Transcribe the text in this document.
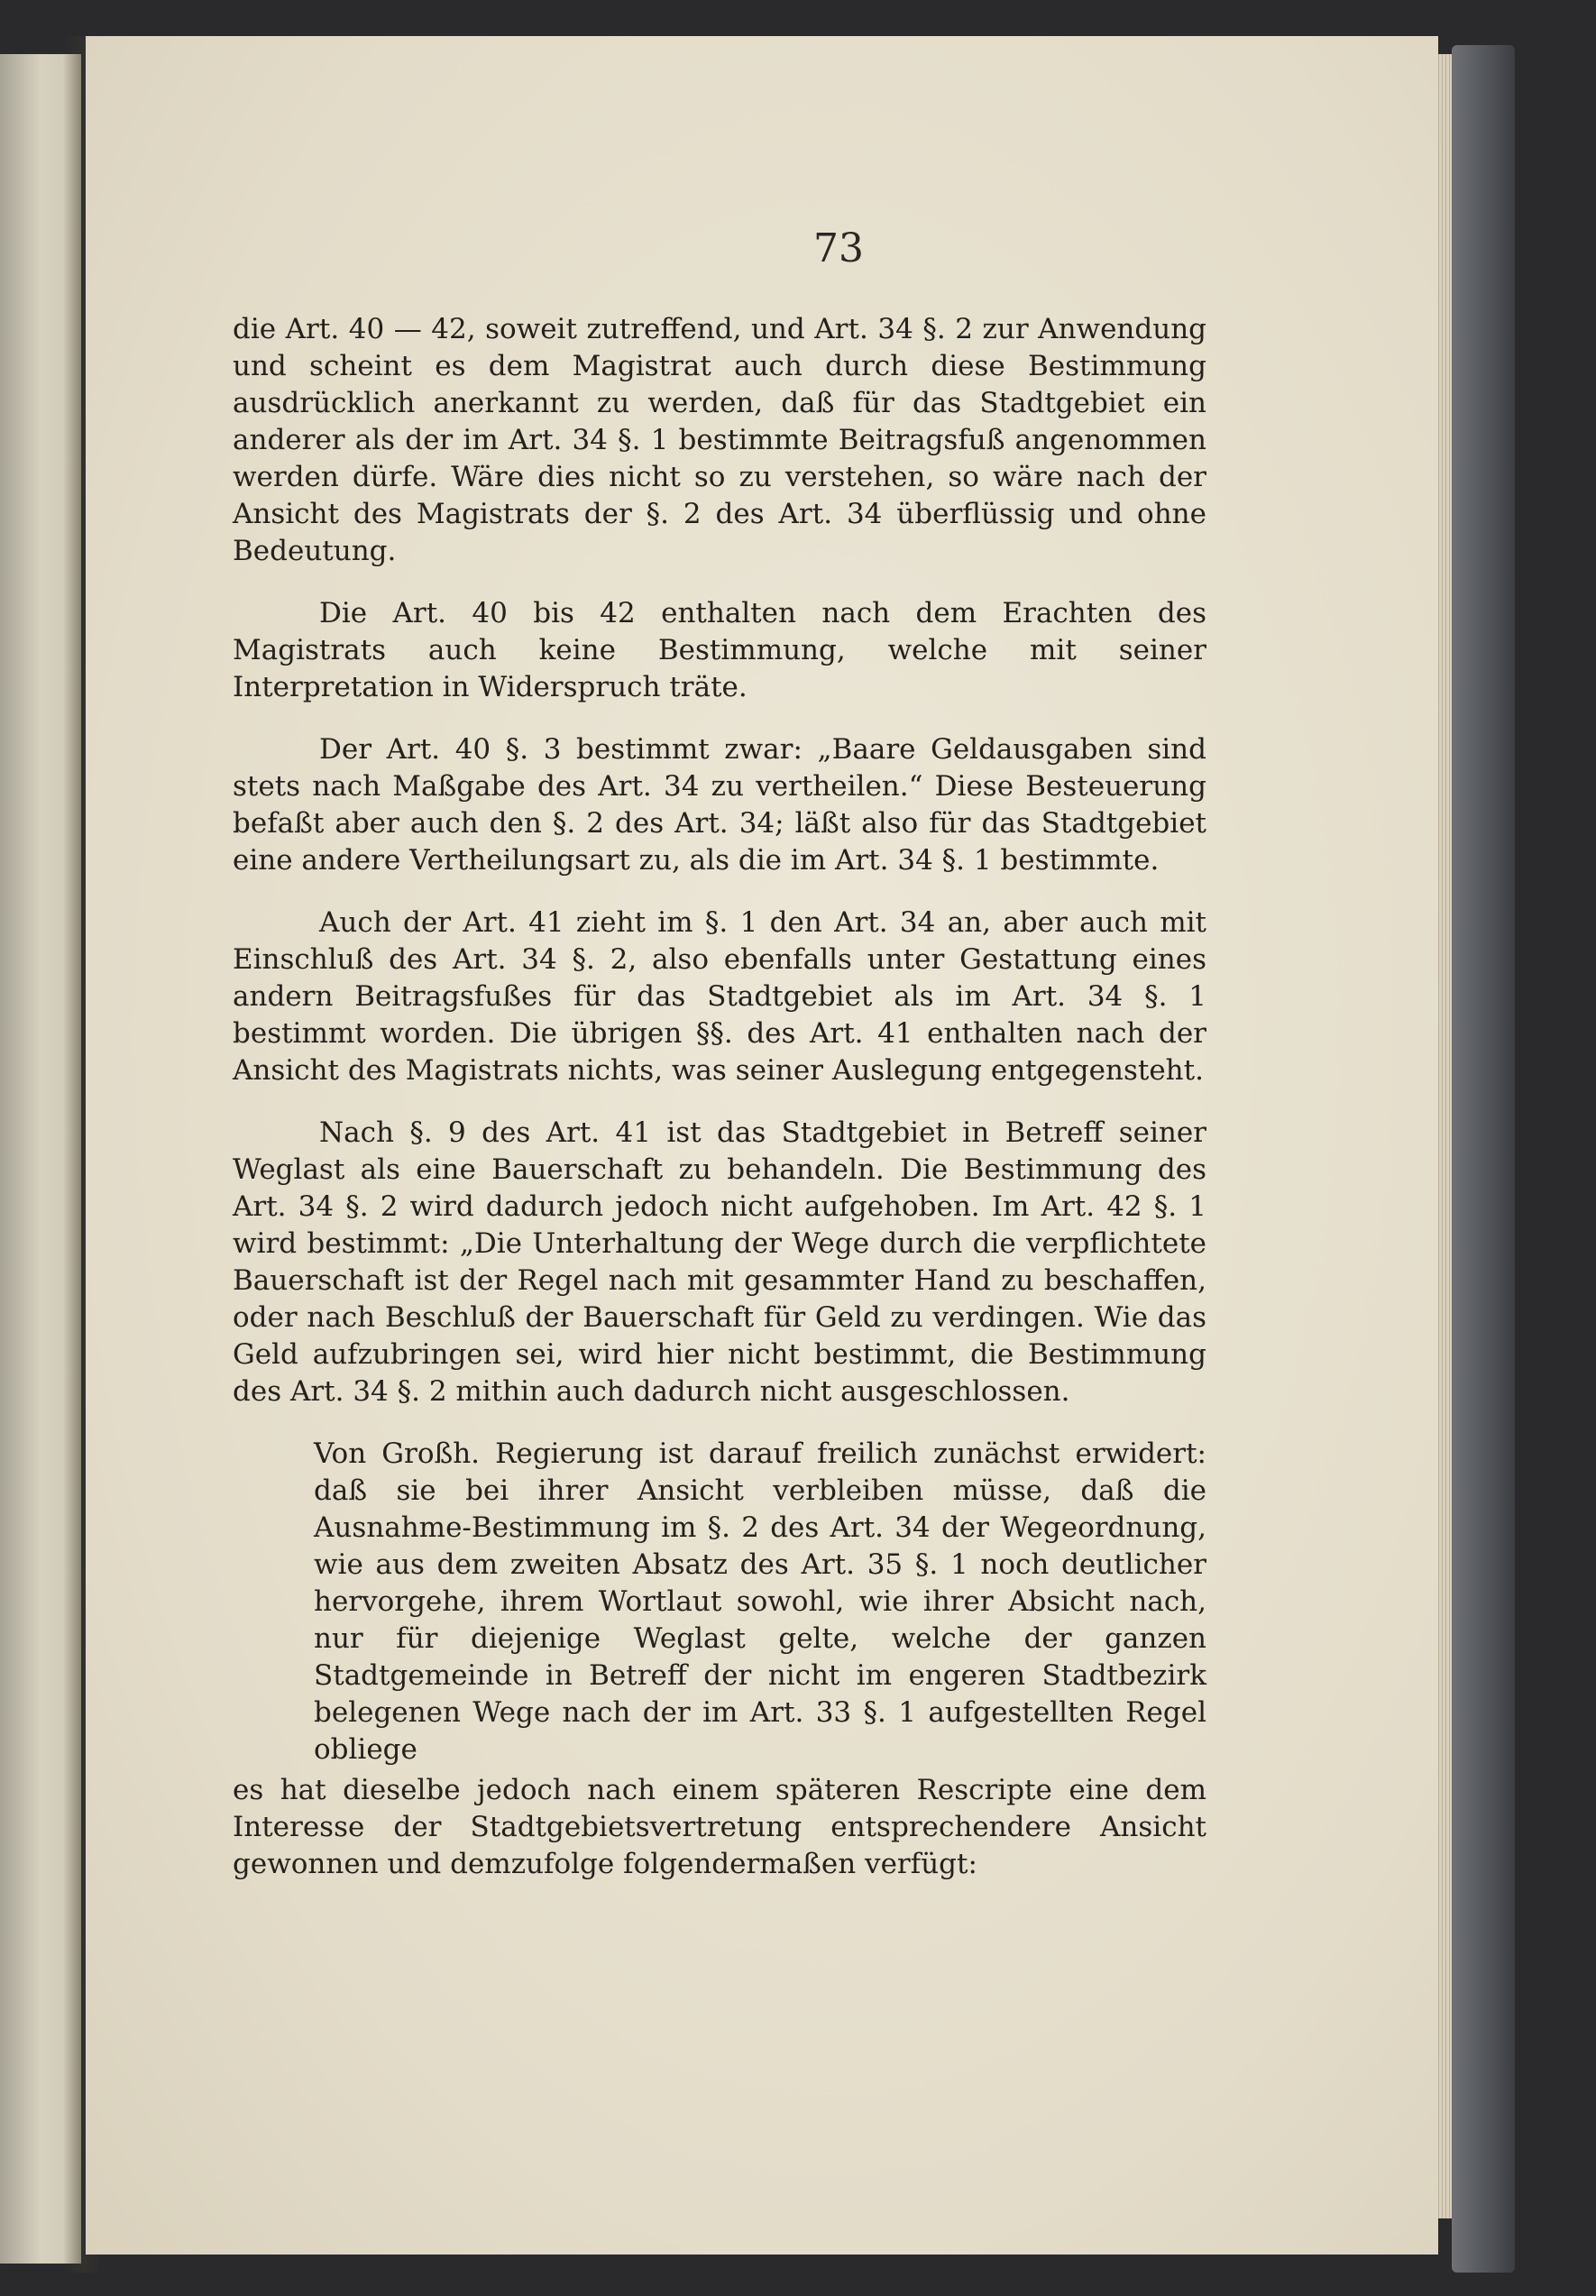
73

die Art. 40 — 42, soweit zutreffend, und Art. 34 §. 2 zur Anwendung und scheint es dem Magistrat auch durch diese Bestimmung ausdrücklich anerkannt zu werden, daß für das Stadtgebiet ein anderer als der im Art. 34 §. 1 bestimmte Beitragsfuß angenommen werden dürfe. Wäre dies nicht so zu verstehen, so wäre nach der Ansicht des Magistrats der §. 2 des Art. 34 überflüssig und ohne Bedeutung.

Die Art. 40 bis 42 enthalten nach dem Erachten des Magistrats auch keine Bestimmung, welche mit seiner Interpretation in Widerspruch träte.

Der Art. 40 §. 3 bestimmt zwar: „Baare Geldausgaben sind stets nach Maßgabe des Art. 34 zu vertheilen.“ Diese Besteuerung befaßt aber auch den §. 2 des Art. 34; läßt also für das Stadtgebiet eine andere Vertheilungsart zu, als die im Art. 34 §. 1 bestimmte.

Auch der Art. 41 zieht im §. 1 den Art. 34 an, aber auch mit Einschluß des Art. 34 §. 2, also ebenfalls unter Gestattung eines andern Beitragsfußes für das Stadtgebiet als im Art. 34 §. 1 bestimmt worden. Die übrigen §§. des Art. 41 enthalten nach der Ansicht des Magistrats nichts, was seiner Auslegung entgegensteht.

Nach §. 9 des Art. 41 ist das Stadtgebiet in Betreff seiner Weglast als eine Bauerschaft zu behandeln. Die Bestimmung des Art. 34 §. 2 wird dadurch jedoch nicht aufgehoben. Im Art. 42 §. 1 wird bestimmt: „Die Unterhaltung der Wege durch die verpflichtete Bauerschaft ist der Regel nach mit gesammter Hand zu beschaffen, oder nach Beschluß der Bauerschaft für Geld zu verdingen. Wie das Geld aufzubringen sei, wird hier nicht bestimmt, die Bestimmung des Art. 34 §. 2 mithin auch dadurch nicht ausgeschlossen.

Von Großh. Regierung ist darauf freilich zunächst erwidert: daß sie bei ihrer Ansicht verbleiben müsse, daß die Ausnahme-Bestimmung im §. 2 des Art. 34 der Wegeordnung, wie aus dem zweiten Absatz des Art. 35 §. 1 noch deutlicher hervorgehe, ihrem Wortlaut sowohl, wie ihrer Absicht nach, nur für diejenige Weglast gelte, welche der ganzen Stadtgemeinde in Betreff der nicht im engeren Stadtbezirk belegenen Wege nach der im Art. 33 §. 1 aufgestellten Regel obliege

es hat dieselbe jedoch nach einem späteren Rescripte eine dem Interesse der Stadtgebietsvertretung entsprechendere Ansicht gewonnen und demzufolge folgendermaßen verfügt:
